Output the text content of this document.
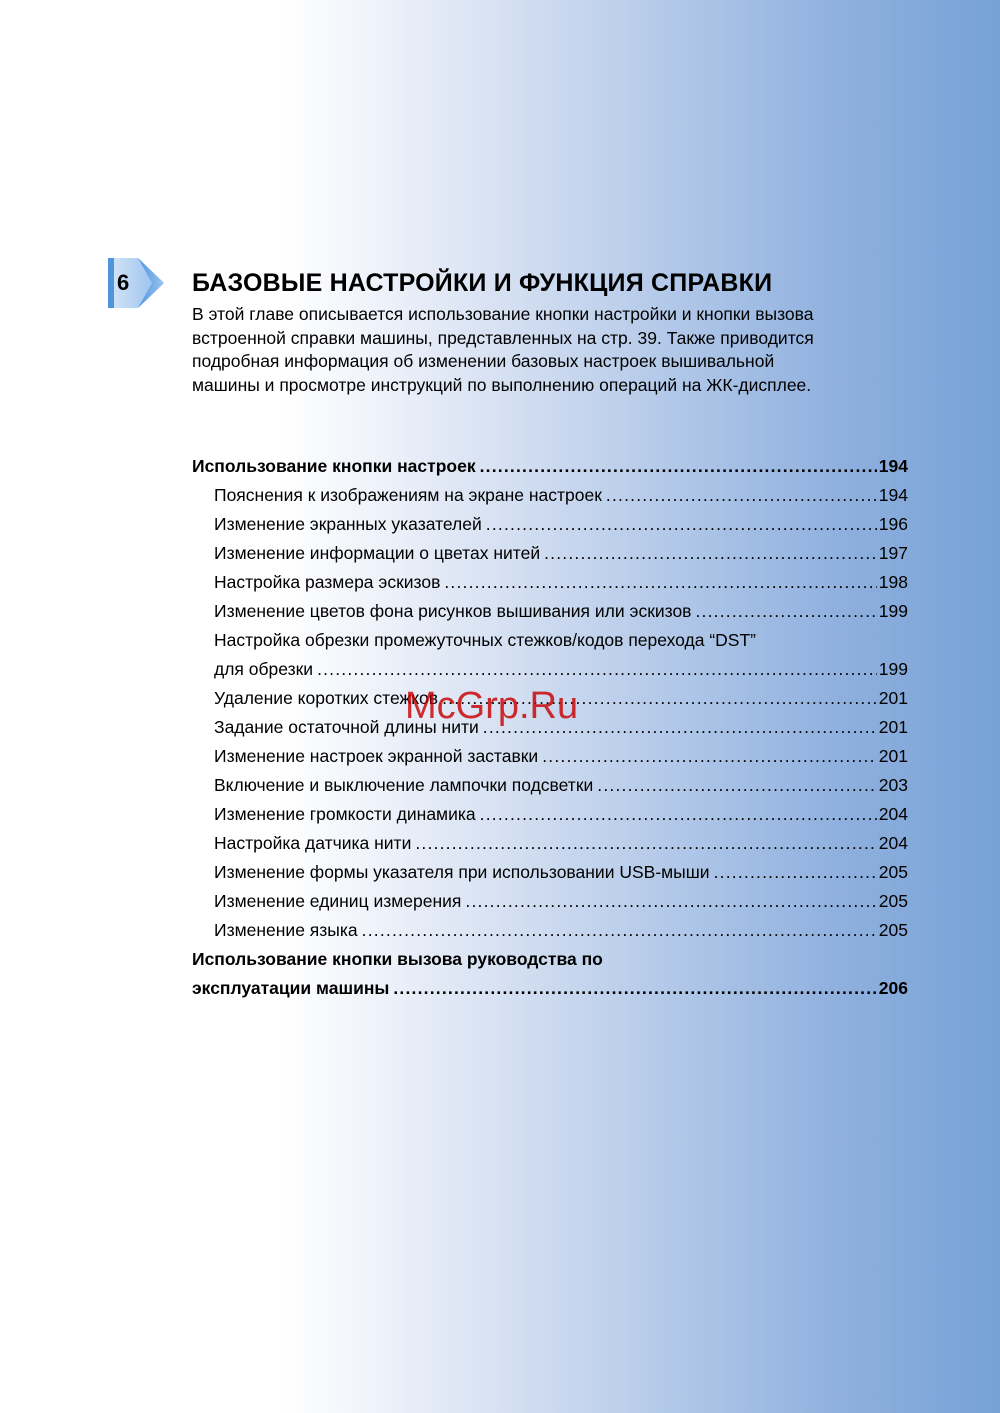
6	БАЗОВЫЕ НАСТРОЙКИ И ФУНКЦИЯ СПРАВКИ
В этой главе описывается использование кнопки настройки и кнопки вызова
встроенной справки машины, представленных на стр. 39. Также приводится
подробная информация об изменении базовых настроек вышивальной
машины и просмотре инструкций по выполнению операций на ЖК-дисплее.
Использование кнопки настроек .....	194
Пояснения к изображениям на экране настроек .....	194
Изменение экранных указателей .....	196
Изменение информации о цветах нитей .....	197
Настройка размера эскизов .....	198
Изменение цветов фона рисунков вышивания или эскизов .....	199
Настройка обрезки промежуточных стежков/кодов перехода “DST”
для обрезки .....	199
Удаление коротких стежков .....	201
Задание остаточной длины нити .....	201
Изменение настроек экранной заставки .....	201
Включение и выключение лампочки подсветки .....	203
Изменение громкости динамика .....	204
Настройка датчика нити .....	204
Изменение формы указателя при использовании USB-мыши .....	205
Изменение единиц измерения .....	205
Изменение языка .....	205
Использование кнопки вызова руководства по
эксплуатации машины .....	206
McGrp.Ru
